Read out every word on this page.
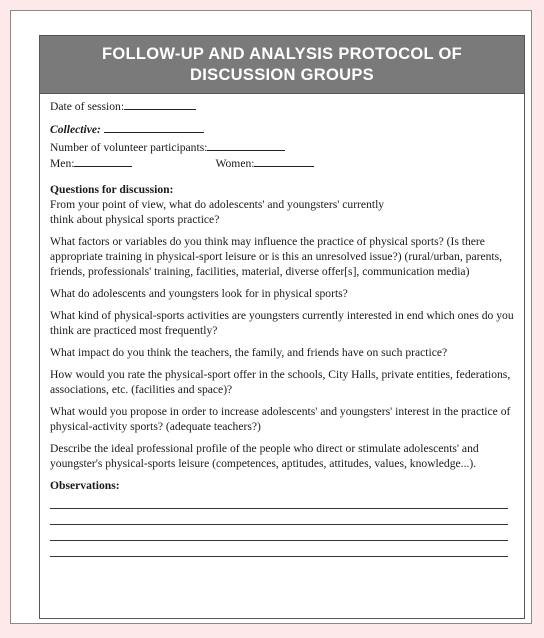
FOLLOW-UP AND ANALYSIS PROTOCOL OF
DISCUSSION GROUPS
Date of session:
Collective:
Number of volunteer participants:
Men:	Women:
Questions for discussion:

From your point of view, what do adolescents' and youngsters' currently think about physical sports practice?

What factors or variables do you think may influence the practice of physical sports? (Is there appropriate training in physical-sport leisure or is this an unresolved issue?) (rural/urban, parents, friends, professionals' training, facilities, material, diverse offer[s], communication media)

What do adolescents and youngsters look for in physical sports?

What kind of physical-sports activities are youngsters currently interested in end which ones do you think are practiced most frequently?

What impact do you think the teachers, the family, and friends have on such practice?

How would you rate the physical-sport offer in the schools, City Halls, private entities, federations, associations, etc. (facilities and space)?

What would you propose in order to increase adolescents' and youngsters' interest in the practice of physical-activity sports? (adequate teachers?)

Describe the ideal professional profile of the people who direct or stimulate adolescents' and youngster's physical-sports leisure (competences, aptitudes, attitudes, values, knowledge...).

Observations:
